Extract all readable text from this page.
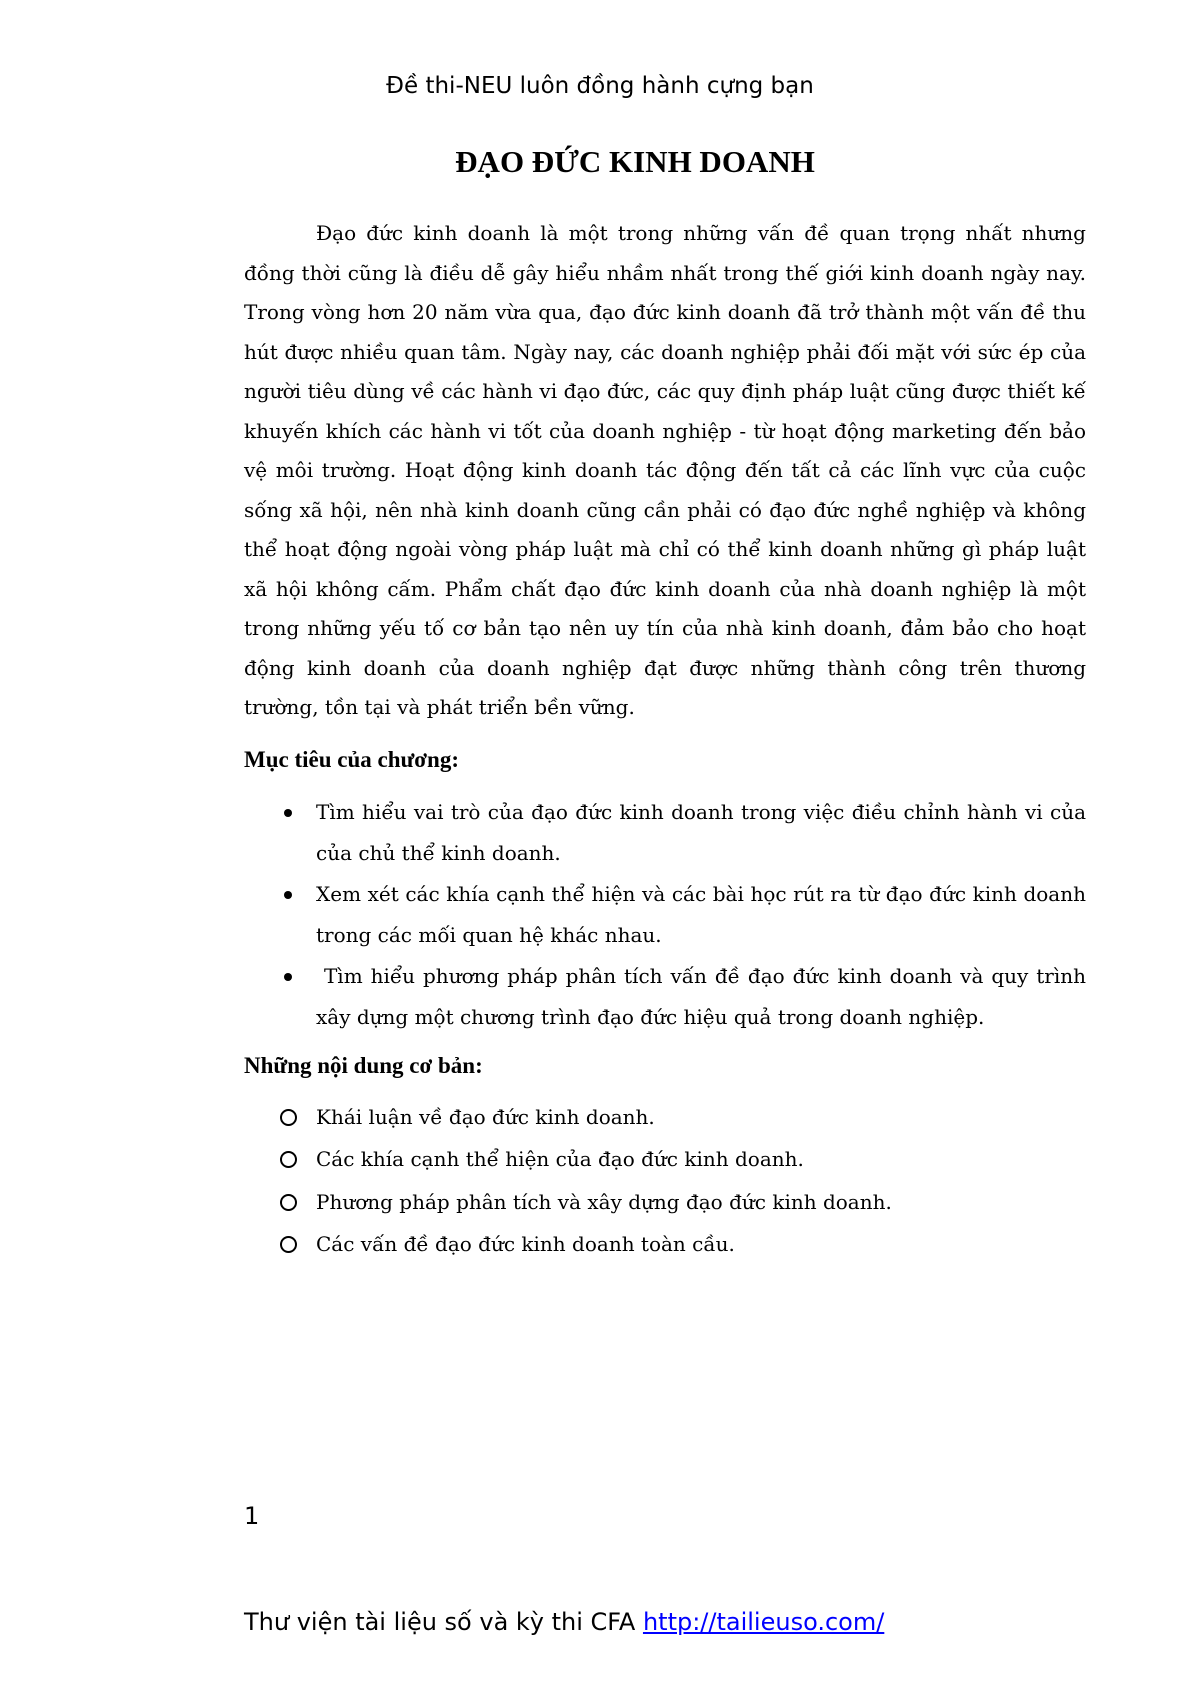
Đề thi-NEU luôn đồng hành cựng bạn
ĐẠO ĐỨC KINH DOANH

Đạo đức kinh doanh là một trong những vấn đề quan trọng nhất nhưng đồng thời cũng là điều dễ gây hiểu nhầm nhất trong thế giới kinh doanh ngày nay. Trong vòng hơn 20 năm vừa qua, đạo đức kinh doanh đã trở thành một vấn đề thu hút được nhiều quan tâm. Ngày nay, các doanh nghiệp phải đối mặt với sức ép của người tiêu dùng về các hành vi đạo đức, các quy định pháp luật cũng được thiết kế khuyến khích các hành vi tốt của doanh nghiệp - từ hoạt động marketing đến bảo vệ môi trường. Hoạt động kinh doanh tác động đến tất cả các lĩnh vực của cuộc sống xã hội, nên nhà kinh doanh cũng cần phải có đạo đức nghề nghiệp và không thể hoạt động ngoài vòng pháp luật mà chỉ có thể kinh doanh những gì pháp luật xã hội không cấm. Phẩm chất đạo đức kinh doanh của nhà doanh nghiệp là một trong những yếu tố cơ bản tạo nên uy tín của nhà kinh doanh, đảm bảo cho hoạt động kinh doanh của doanh nghiệp đạt được những thành công trên thương trường, tồn tại và phát triển bền vững.

Mục tiêu của chương:
Tìm hiểu vai trò của đạo đức kinh doanh trong việc điều chỉnh hành vi của của chủ thể kinh doanh.
Xem xét các khía cạnh thể hiện và các bài học rút ra từ đạo đức kinh doanh trong các mối quan hệ khác nhau.
Tìm hiểu phương pháp phân tích vấn đề đạo đức kinh doanh và quy trình xây dựng một chương trình đạo đức hiệu quả trong doanh nghiệp.
Những nội dung cơ bản:
Khái luận về đạo đức kinh doanh.
Các khía cạnh thể hiện của đạo đức kinh doanh.
Phương pháp phân tích và xây dựng đạo đức kinh doanh.
Các vấn đề đạo đức kinh doanh toàn cầu.
1
Thư viện tài liệu số và kỳ thi CFA http://tailieuso.com/
